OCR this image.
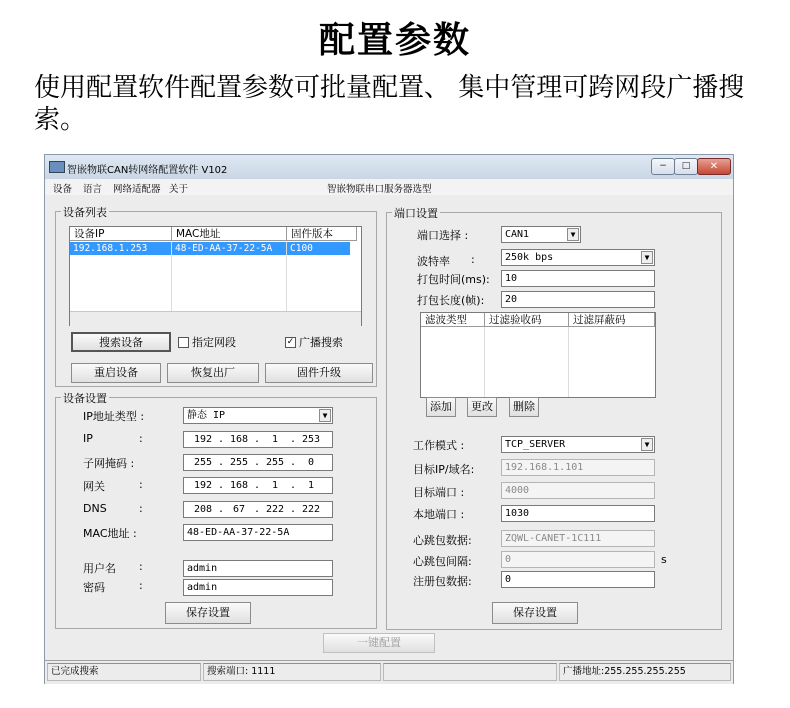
配置参数
使用配置软件配置参数可批量配置、 集中管理可跨网段广播搜索。
智嵌物联CAN转网络配置软件 V102	−	□	✕
设备 语言 网络适配器 关于	智嵌物联串口服务器选型
设备列表
设备IP	MAC地址	固件版本
192.168.1.253	48-ED-AA-37-22-5A C100
搜索设备	指定网段	✓ 广播搜索
重启设备	恢复出厂	固件升级
设备设置
IP地址类型 :	静态 IP	▼
IP	:	192 . 168 .	1	. 253
子网掩码 :	255 . 255 . 255 .	0
网关	:	192 . 168 .	1	.	1
DNS	:	208 . 67 . 222 . 222
MAC地址 :	48-ED-AA-37-22-5A
用户名 :	admin
密码	:	admin
保存设置
端口设置
端口选择 :	CAN1	▼
波特率 :	250k bps	▼
打包时间(ms):	10
打包长度(帧):	20
滤波类型	过滤验收码	过滤屏蔽码
添加	更改	删除
工作模式 :	TCP_SERVER	▼
目标IP/域名:	192.168.1.101
目标端口 :	4000
本地端口 :	1030
心跳包数据:	ZQWL-CANET-1C111
心跳包间隔:	0	s
注册包数据:	0
保存设置
一键配置
已完成搜索	搜索端口: 1111	广播地址:255.255.255.255
